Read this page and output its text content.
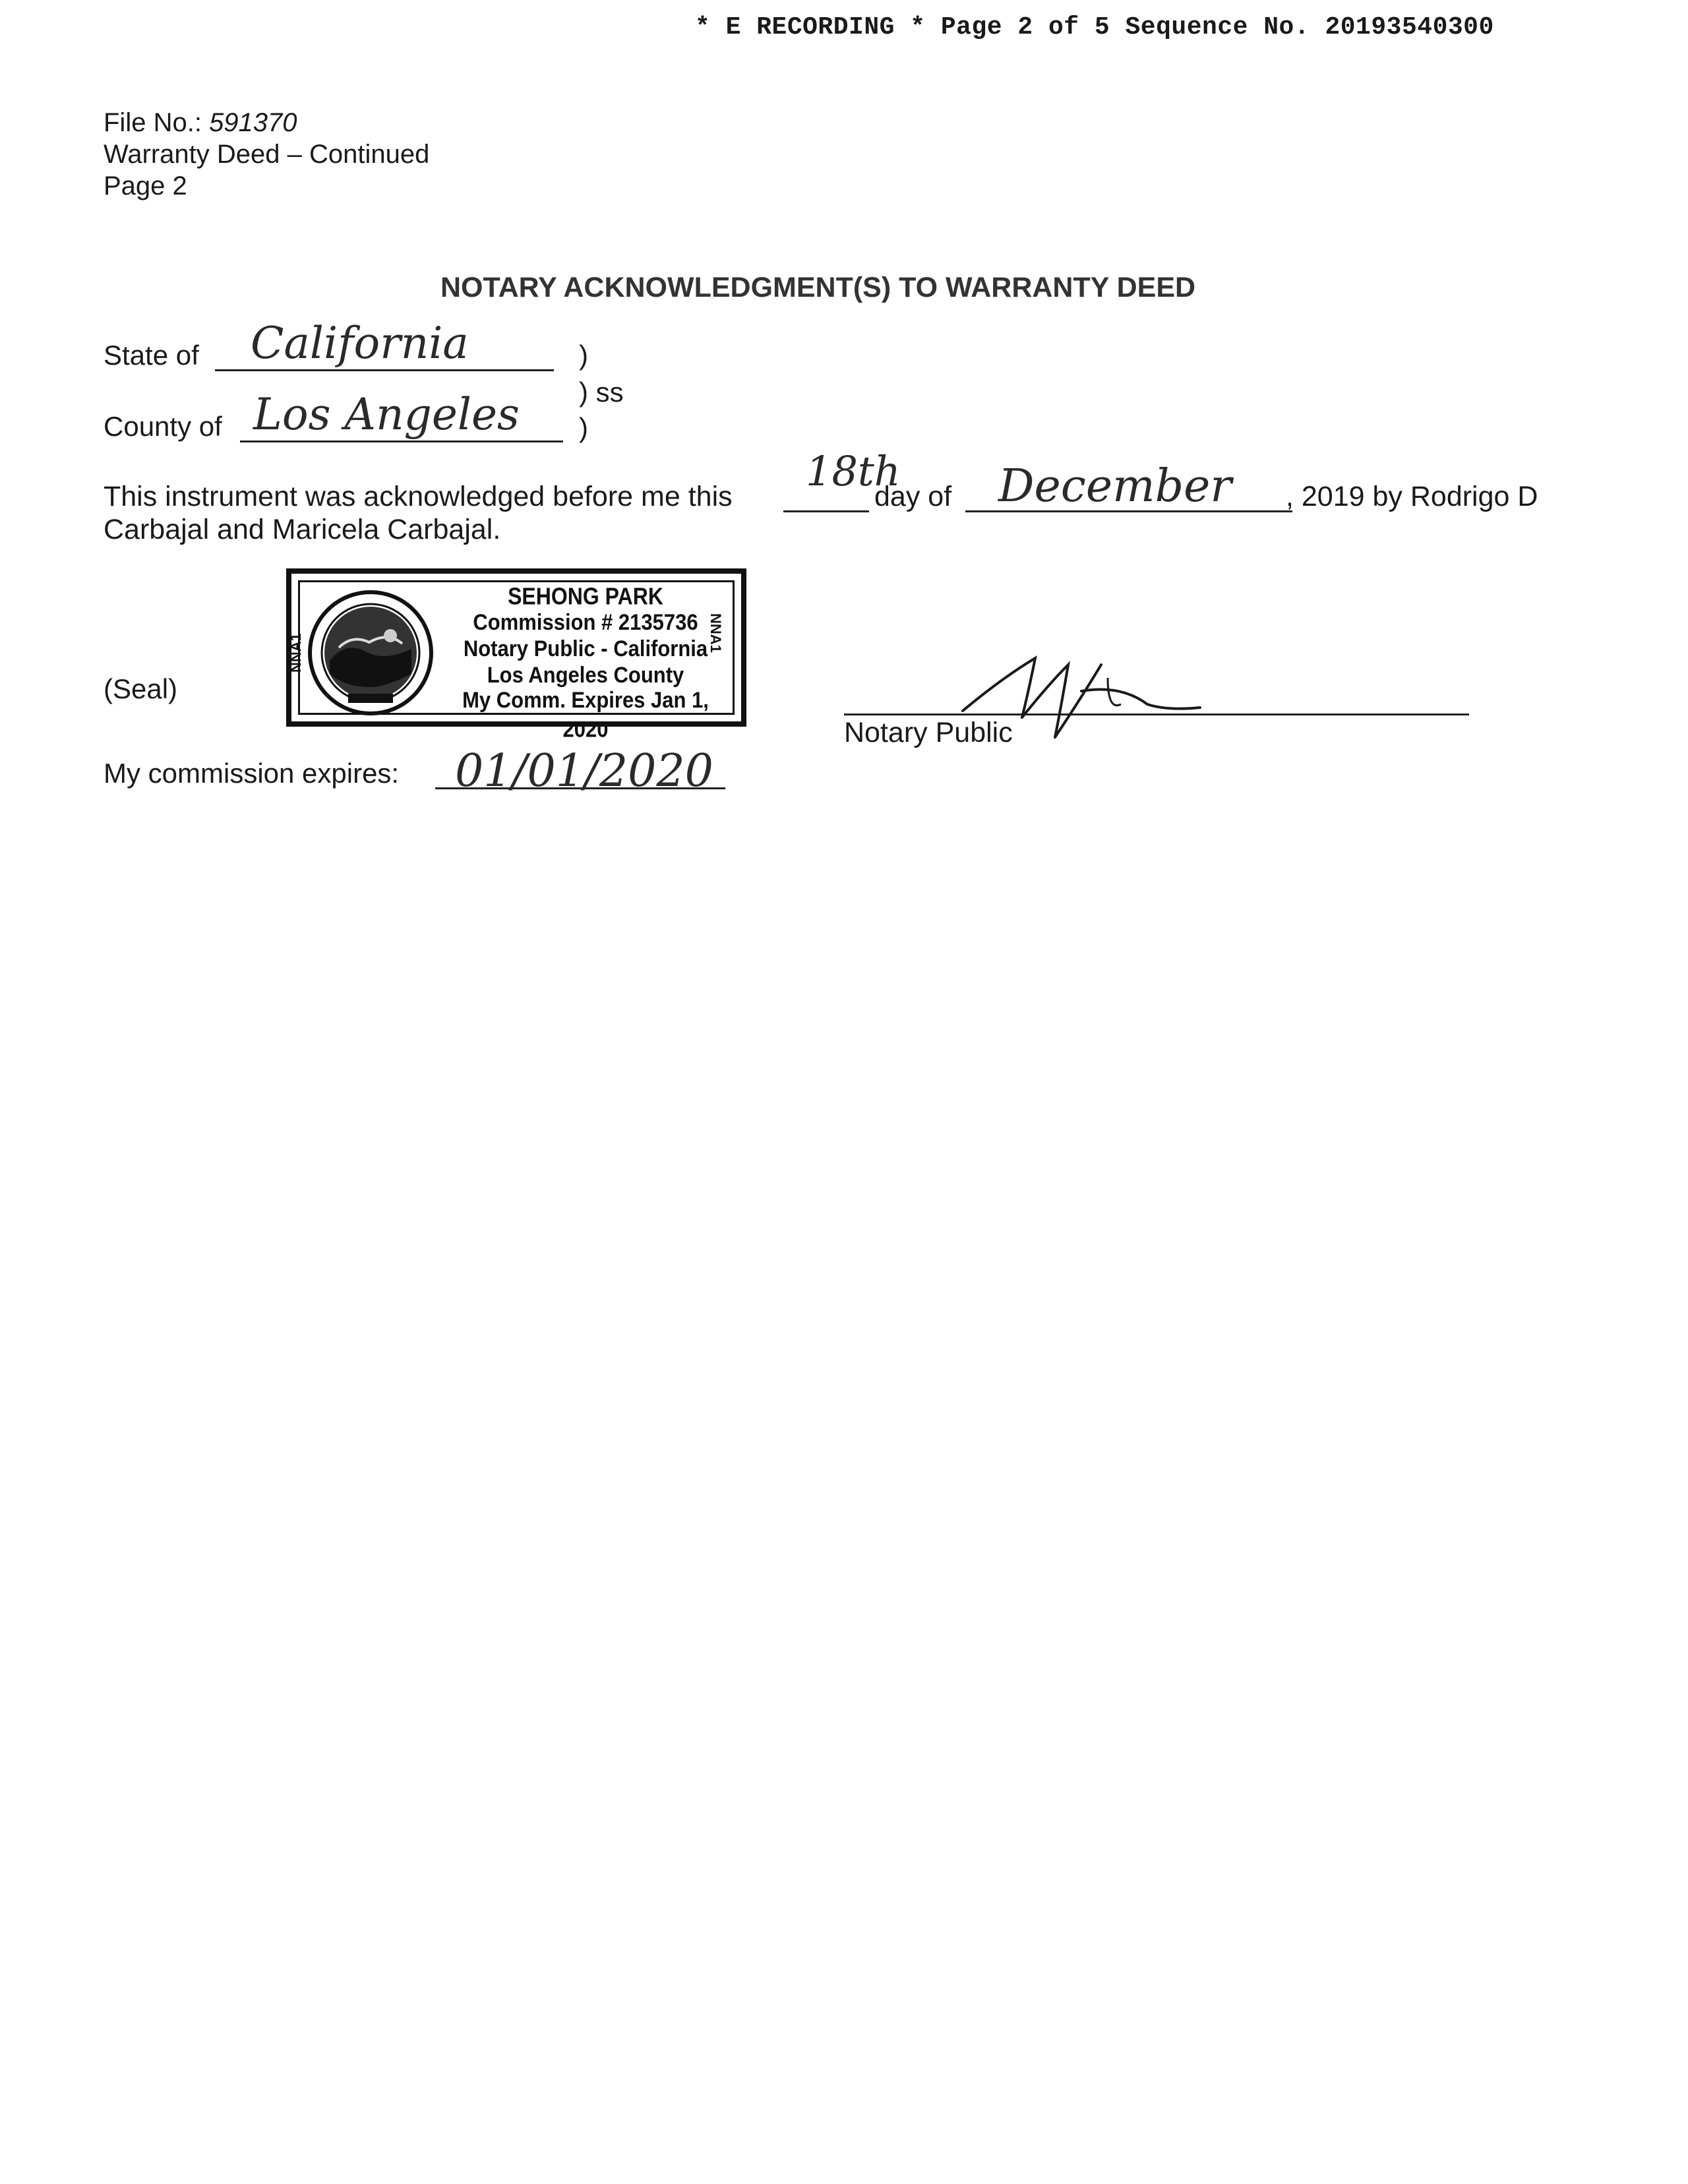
* E RECORDING * Page 2 of 5 Sequence No. 20193540300
File No.: 591370
Warranty Deed – Continued
Page 2
NOTARY ACKNOWLEDGMENT(S) TO WARRANTY DEED
State of California	)
) ss
County of Los Angeles )
This instrument was acknowledged before me this
18th
day of December , 2019 by Rodrigo D
Carbajal and Maricela Carbajal.
(Seal)
SEHONG PARK
Commission # 2135736
Notary Public - California
Los Angeles County
My Comm. Expires Jan 1, 2020
NNA1
NNA1
Notary Public
My commission expires: 01/01/2020
